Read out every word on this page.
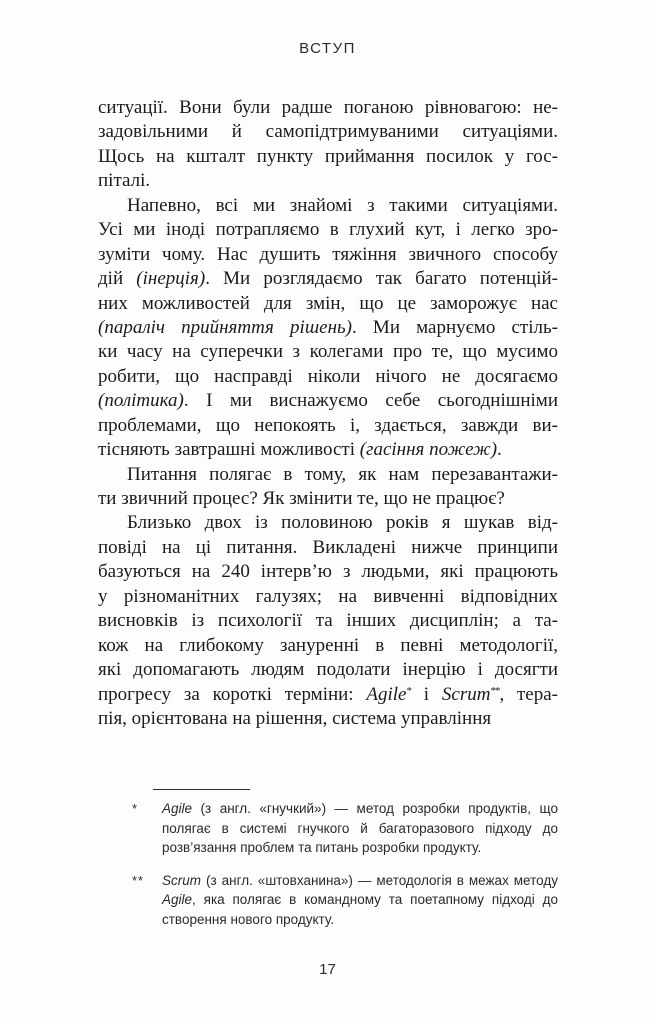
ВСТУП
ситуації. Вони були радше поганою рівновагою: не-
задовільними й самопідтримуваними ситуаціями.
Щось на кшталт пункту приймання посилок у гос-
піталі.
Напевно, всі ми знайомі з такими ситуаціями.
Усі ми іноді потрапляємо в глухий кут, і легко зро-
зуміти чому. Нас душить тяжіння звичного способу
дій (інерція). Ми розглядаємо так багато потенцій-
них можливостей для змін, що це заморожує нас
(параліч прийняття рішень). Ми марнуємо стіль-
ки часу на суперечки з колегами про те, що мусимо
робити, що насправді ніколи нічого не досягаємо
(політика). І ми виснажуємо себе сьогоднішніми
проблемами, що непокоять і, здається, завжди ви-
тісняють завтрашні можливості (гасіння пожеж).
Питання полягає в тому, як нам перезавантажи-
ти звичний процес? Як змінити те, що не працює?
Близько двох із половиною років я шукав від-
повіді на ці питання. Викладені нижче принципи
базуються на 240 інтерв’ю з людьми, які працюють
у різноманітних галузях; на вивченні відповідних
висновків із психології та інших дисциплін; а та-
кож на глибокому зануренні в певні методології,
які допомагають людям подолати інерцію і досягти
прогресу за короткі терміни: Agile* і Scrum**, тера-
пія, орієнтована на рішення, система управління
*	Agile (з англ. «гнучкий») — метод розробки продуктів, що
полягає в системі гнучкого й багаторазового підходу до
розв’язання проблем та питань розробки продукту.
**	Scrum (з англ. «штовханина») — методологія в межах методу
Agile, яка полягає в командному та поетапному підході до
створення нового продукту.
17
